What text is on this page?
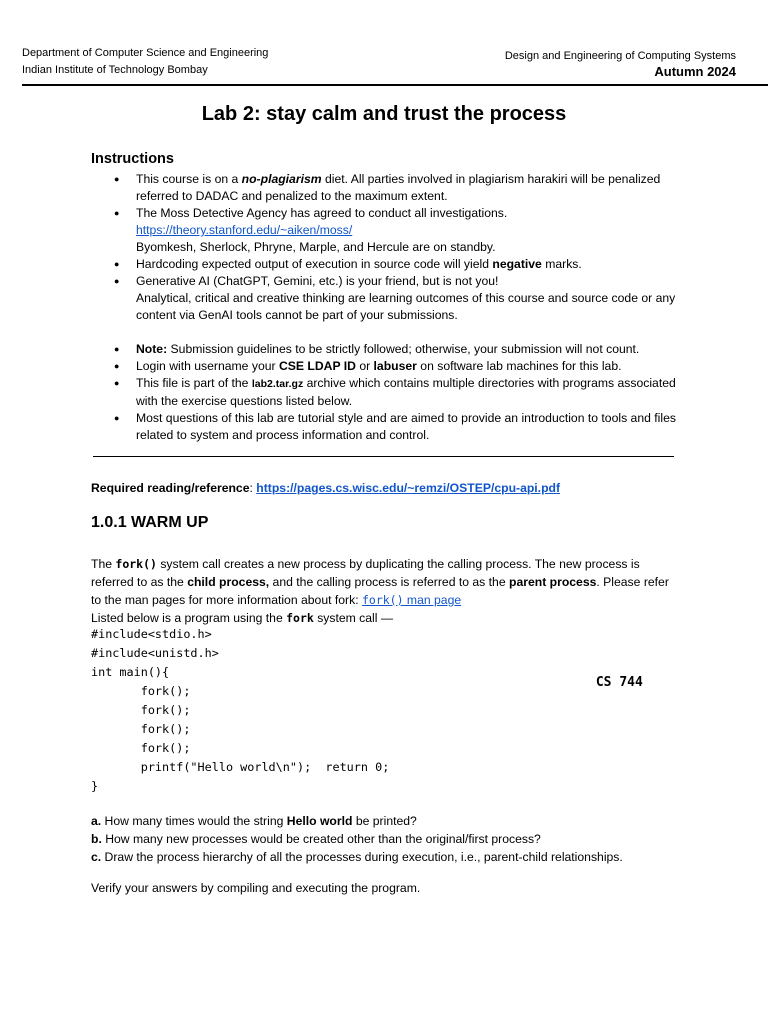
Department of Computer Science and Engineering
Indian Institute of Technology Bombay
CS 744
Design and Engineering of Computing Systems
Autumn 2024
Lab 2: stay calm and trust the process
Instructions
● This course is on a no-plagiarism diet. All parties involved in plagiarism harakiri will be penalized referred to DADAC and penalized to the maximum extent.
● The Moss Detective Agency has agreed to conduct all investigations.
https://theory.stanford.edu/~aiken/moss/
Byomkesh, Sherlock, Phryne, Marple, and Hercule are on standby.
● Hardcoding expected output of execution in source code will yield negative marks.
● Generative AI (ChatGPT, Gemini, etc.) is your friend, but is not you!
Analytical, critical and creative thinking are learning outcomes of this course and source code or any content via GenAI tools cannot be part of your submissions.
● Note: Submission guidelines to be strictly followed; otherwise, your submission will not count.
● Login with username your CSE LDAP ID or labuser on software lab machines for this lab.
● This file is part of the lab2.tar.gz archive which contains multiple directories with programs associated with the exercise questions listed below.
● Most questions of this lab are tutorial style and are aimed to provide an introduction to tools and files related to system and process information and control.
Required reading/reference: https://pages.cs.wisc.edu/~remzi/OSTEP/cpu-api.pdf
1.0.1 WARM UP
The fork() system call creates a new process by duplicating the calling process. The new process is referred to as the child process, and the calling process is referred to as the parent process. Please refer to the man pages for more information about fork: fork() man page
Listed below is a program using the fork system call —
#include<stdio.h>
#include<unistd.h>
int main(){
fork();
fork();
fork();
fork();
printf("Hello world\n");  return 0;
}
a. How many times would the string Hello world be printed?
b. How many new processes would be created other than the original/first process?
c. Draw the process hierarchy of all the processes during execution, i.e., parent-child relationships.
Verify your answers by compiling and executing the program.
